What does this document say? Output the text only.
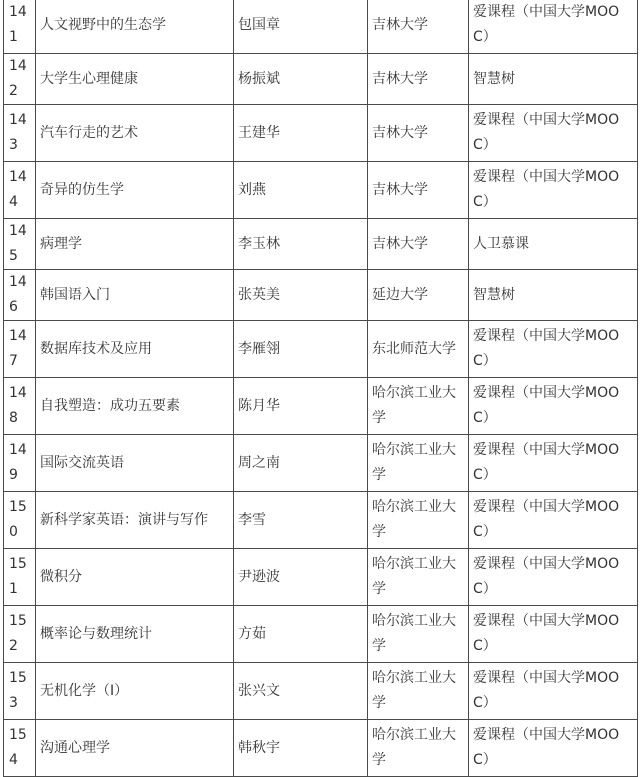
141	人文视野中的生态学	包国章	吉林大学	爱课程（中国大学MOOC）
142	大学生心理健康	杨振斌	吉林大学	智慧树
143	汽车行走的艺术	王建华	吉林大学	爱课程（中国大学MOOC）
144	奇异的仿生学	刘燕	吉林大学	爱课程（中国大学MOOC）
145	病理学	李玉林	吉林大学	人卫慕课
146	韩国语入门	张英美	延边大学	智慧树
147	数据库技术及应用	李雁翎	东北师范大学	爱课程（中国大学MOOC）
148	自我塑造：成功五要素	陈月华	哈尔滨工业大学	爱课程（中国大学MOOC）
149	国际交流英语	周之南	哈尔滨工业大学	爱课程（中国大学MOOC）
150	新科学家英语：演讲与写作	李雪	哈尔滨工业大学	爱课程（中国大学MOOC）
151	微积分	尹逊波	哈尔滨工业大学	爱课程（中国大学MOOC）
152	概率论与数理统计	方茹	哈尔滨工业大学	爱课程（中国大学MOOC）
153	无机化学（Ⅰ）	张兴文	哈尔滨工业大学	爱课程（中国大学MOOC）
154	沟通心理学	韩秋宇	哈尔滨工业大学	爱课程（中国大学MOOC）
